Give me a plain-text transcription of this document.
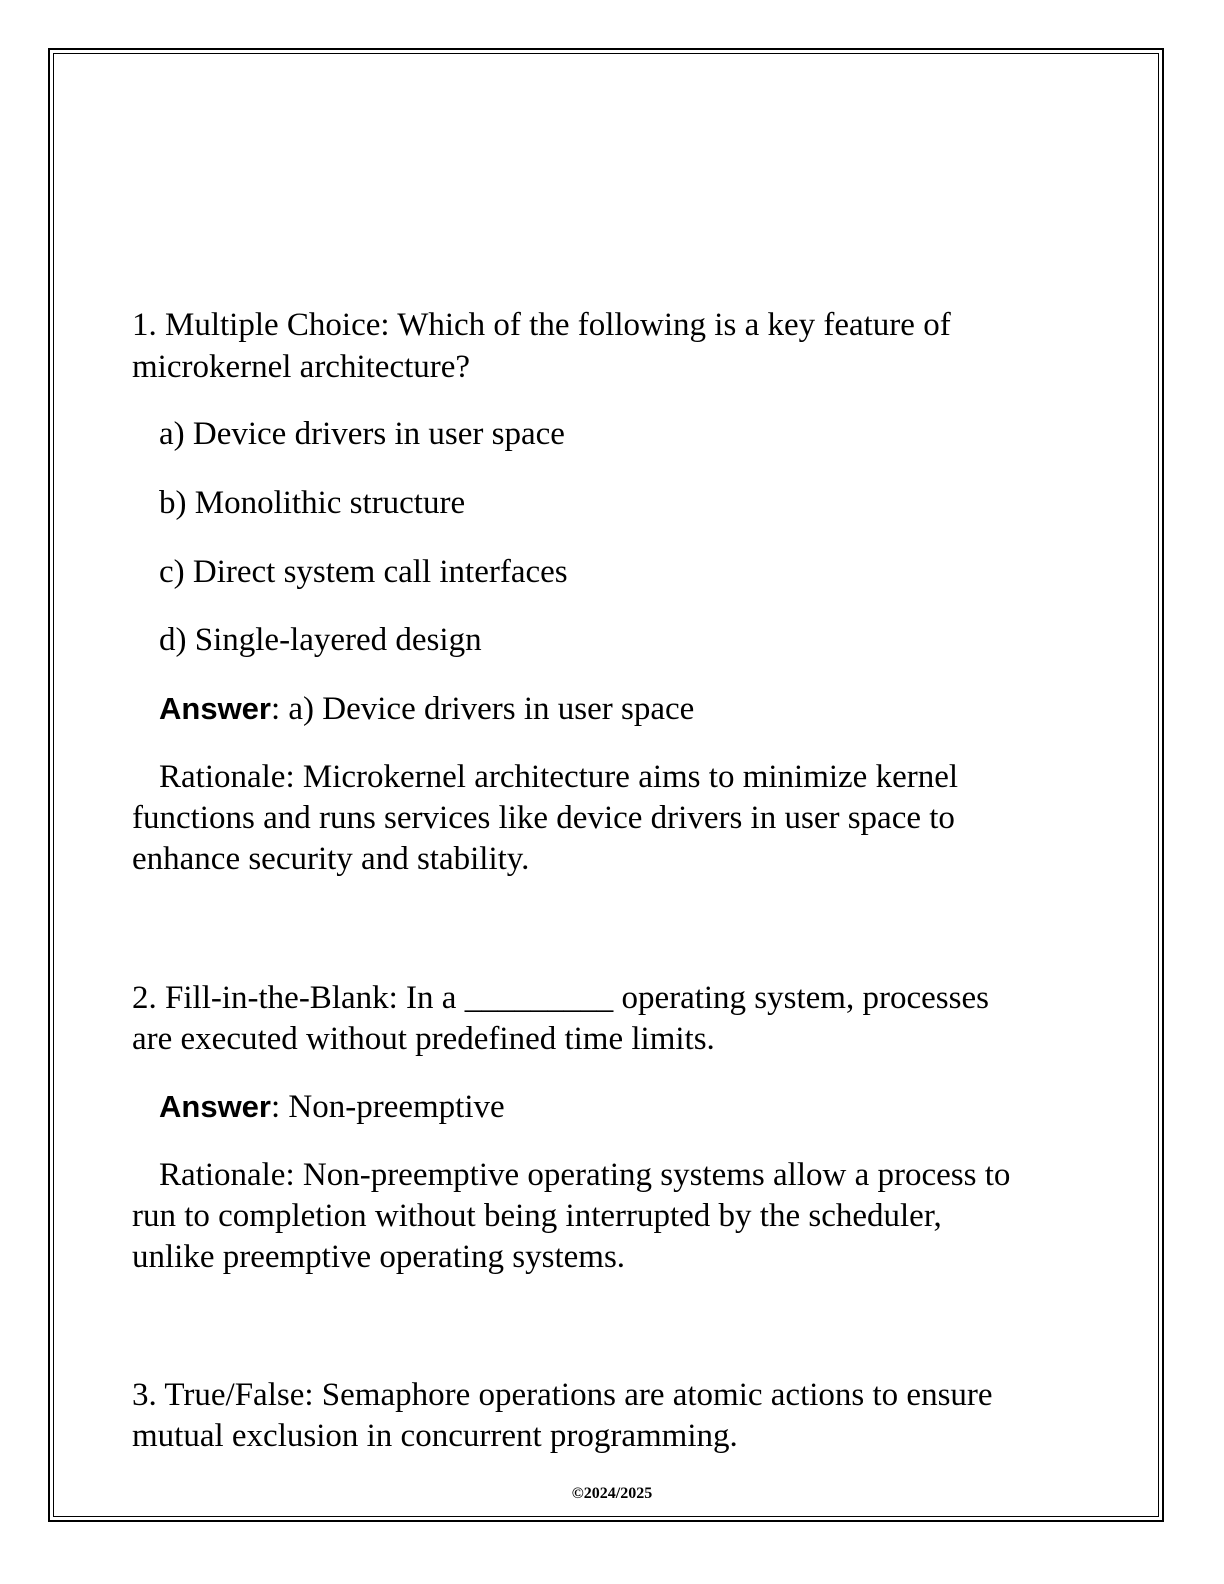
1. Multiple Choice: Which of the following is a key feature of
microkernel architecture?
a) Device drivers in user space
b) Monolithic structure
c) Direct system call interfaces
d) Single-layered design
Answer: a) Device drivers in user space
Rationale: Microkernel architecture aims to minimize kernel
functions and runs services like device drivers in user space to
enhance security and stability.
2. Fill-in-the-Blank: In a _________ operating system, processes
are executed without predefined time limits.
Answer: Non-preemptive
Rationale: Non-preemptive operating systems allow a process to
run to completion without being interrupted by the scheduler,
unlike preemptive operating systems.
3. True/False: Semaphore operations are atomic actions to ensure
mutual exclusion in concurrent programming.
©2024/2025
